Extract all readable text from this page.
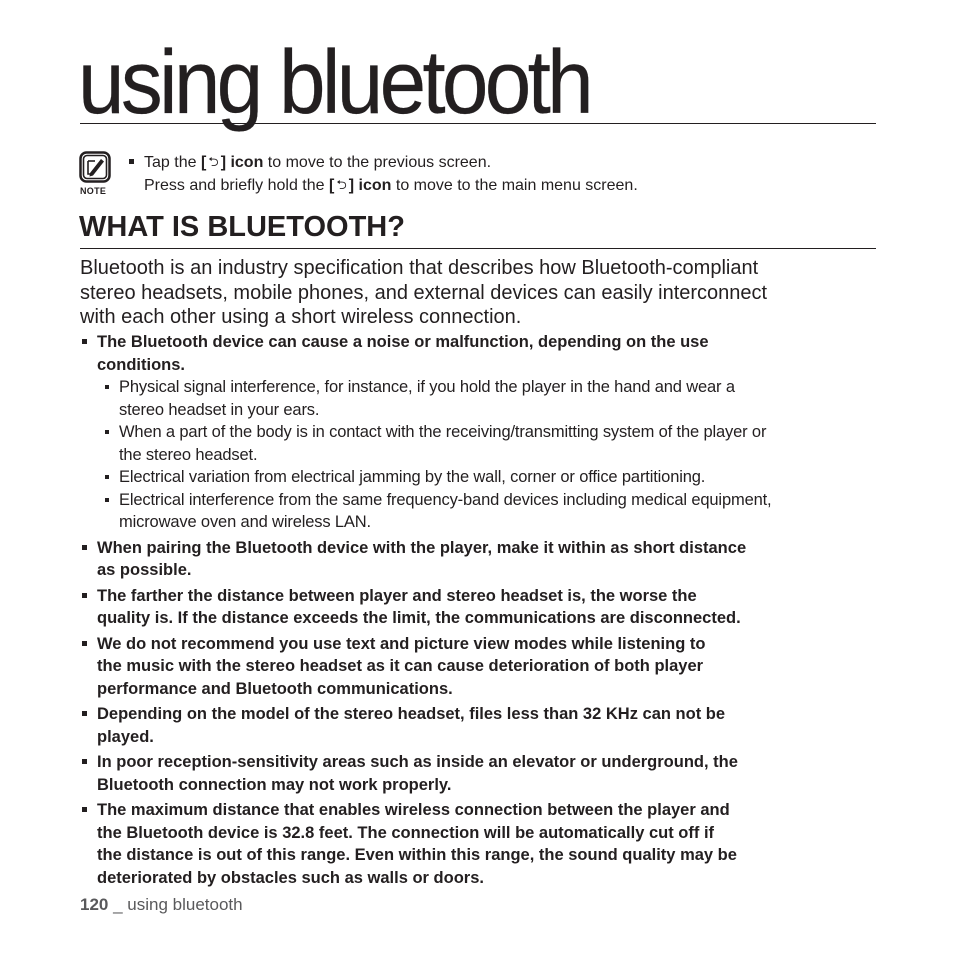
using bluetooth
NOTE
Tap the [ ⮌ ] icon to move to the previous screen.
Press and briefly hold the [ ⮌ ] icon to move to the main menu screen.
WHAT IS BLUETOOTH?

Bluetooth is an industry specification that describes how Bluetooth-compliant
stereo headsets, mobile phones, and external devices can easily interconnect
with each other using a short wireless connection.

The Bluetooth device can cause a noise or malfunction, depending on the use
conditions.
Physical signal interference, for instance, if you hold the player in the hand and wear a
stereo headset in your ears.
When a part of the body is in contact with the receiving/transmitting system of the player or
the stereo headset.
Electrical variation from electrical jamming by the wall, corner or office partitioning.
Electrical interference from the same frequency-band devices including medical equipment,
microwave oven and wireless LAN.
When pairing the Bluetooth device with the player, make it within as short distance
as possible.
The farther the distance between player and stereo headset is, the worse the
quality is. If the distance exceeds the limit, the communications are disconnected.
We do not recommend you use text and picture view modes while listening to
the music with the stereo headset as it can cause deterioration of both player
performance and Bluetooth communications.
Depending on the model of the stereo headset, files less than 32 KHz can not be
played.
In poor reception-sensitivity areas such as inside an elevator or underground, the
Bluetooth connection may not work properly.
The maximum distance that enables wireless connection between the player and
the Bluetooth device is 32.8 feet. The connection will be automatically cut off if
the distance is out of this range. Even within this range, the sound quality may be
deteriorated by obstacles such as walls or doors.
120 _ using bluetooth
